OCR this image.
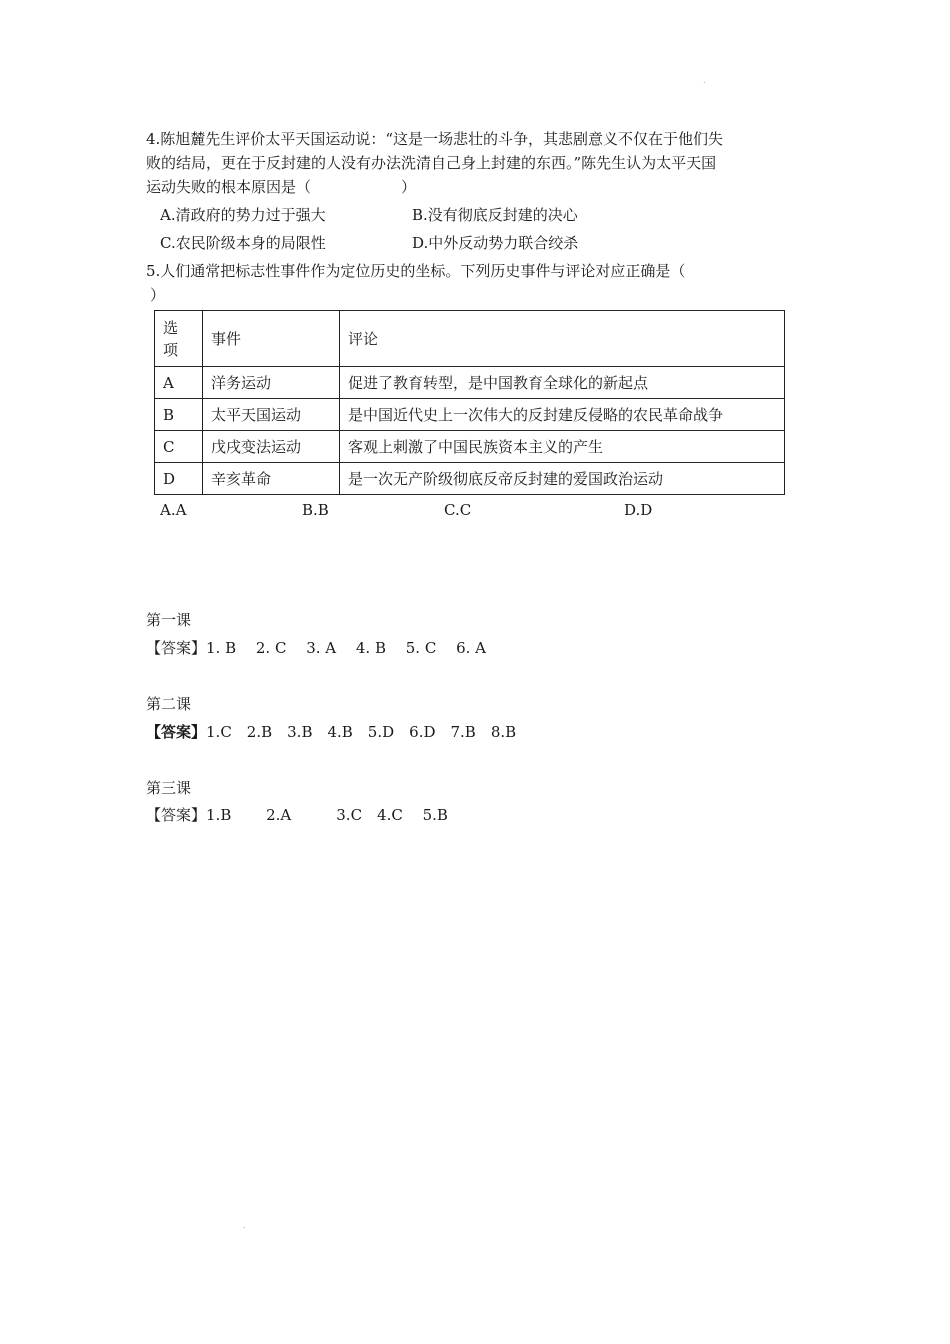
.
.
4.陈旭麓先生评价太平天国运动说：“这是一场悲壮的斗争，其悲剧意义不仅在于他们失
败的结局，更在于反封建的人没有办法洗清自己身上封建的东西。”陈先生认为太平天国
运动失败的根本原因是（　　　　　　）
A.清政府的势力过于强大	B.没有彻底反封建的决心
C.农民阶级本身的局限性	D.中外反动势力联合绞杀
5.人们通常把标志性事件作为定位历史的坐标。下列历史事件与评论对应正确是（
）
选
项	事件	评论
A	洋务运动	促进了教育转型，是中国教育全球化的新起点
B	太平天国运动	是中国近代史上一次伟大的反封建反侵略的农民革命战争
C	戊戌变法运动	客观上刺激了中国民族资本主义的产生
D	辛亥革命	是一次无产阶级彻底反帝反封建的爱国政治运动
A.A	B.B	C.C	D.D
第一课
【答案】1. B　 2. C　 3. A　 4. B　 5. C　 6. A
第二课
【答案】1.C　2.B　3.B　4.B　5.D　6.D　7.B　8.B
第三课
【答案】1.B　　 2.A　　　3.C　4.C　 5.B
